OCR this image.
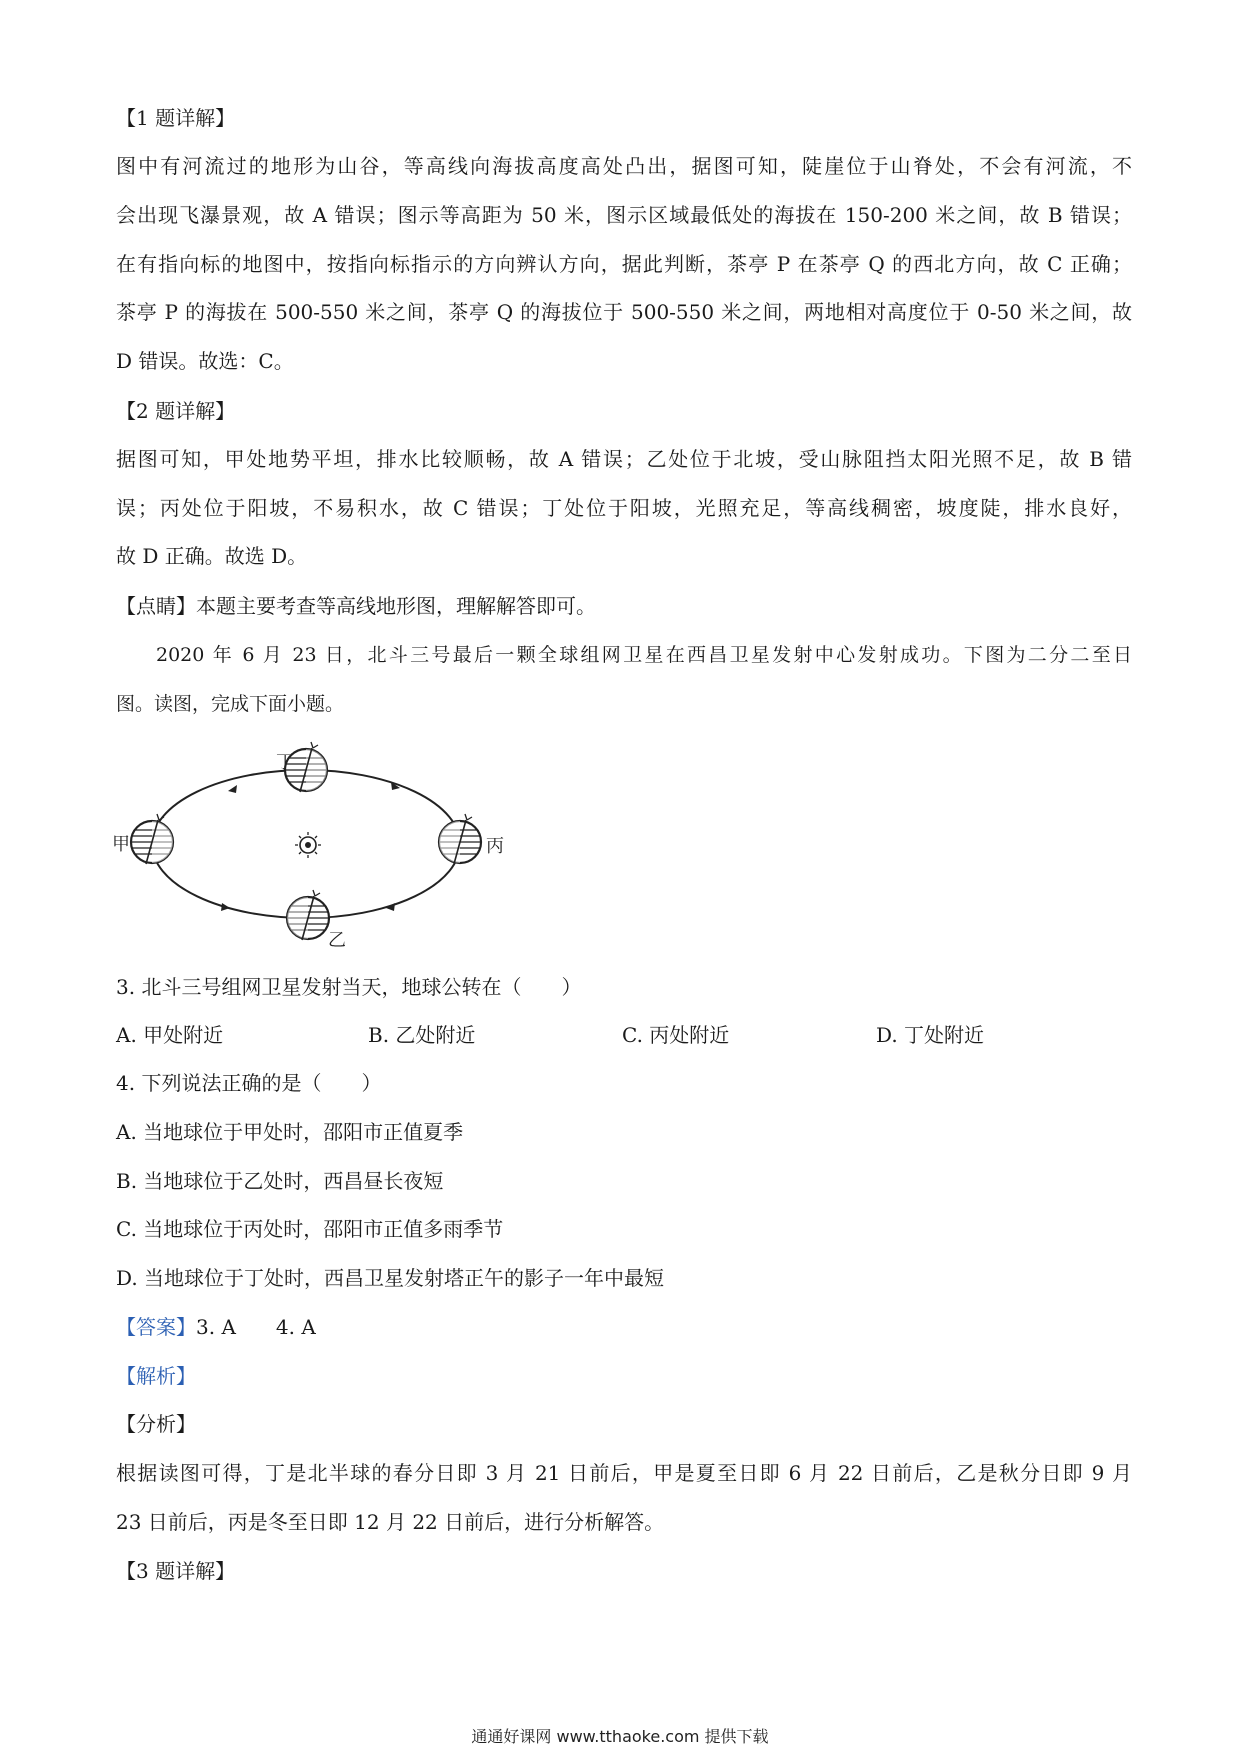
【1 题详解】
图中有河流过的地形为山谷，等高线向海拔高度高处凸出，据图可知，陡崖位于山脊处，不会有河流，不
会出现飞瀑景观，故 A 错误；图示等高距为 50 米，图示区域最低处的海拔在 150-200 米之间，故 B 错误；
在有指向标的地图中，按指向标指示的方向辨认方向，据此判断，茶亭 P 在茶亭 Q 的西北方向，故 C 正确；
茶亭 P 的海拔在 500-550 米之间，茶亭 Q 的海拔位于 500-550 米之间，两地相对高度位于 0-50 米之间，故
D 错误。故选：C。
【2 题详解】
据图可知，甲处地势平坦，排水比较顺畅，故 A 错误；乙处位于北坡，受山脉阻挡太阳光照不足，故 B 错
误；丙处位于阳坡，不易积水，故 C 错误；丁处位于阳坡，光照充足，等高线稠密，坡度陡，排水良好，
故 D 正确。故选 D。
【点睛】本题主要考查等高线地形图，理解解答即可。
2020 年 6 月 23 日，北斗三号最后一颗全球组网卫星在西昌卫星发射中心发射成功。下图为二分二至日
图。读图，完成下面小题。
丁
甲	丙
乙
3. 北斗三号组网卫星发射当天，地球公转在（　　）
A. 甲处附近	B. 乙处附近	C. 丙处附近	D. 丁处附近
4. 下列说法正确的是（　　）
A. 当地球位于甲处时，邵阳市正值夏季
B. 当地球位于乙处时，西昌昼长夜短
C. 当地球位于丙处时，邵阳市正值多雨季节
D. 当地球位于丁处时，西昌卫星发射塔正午的影子一年中最短
【答案】3. A　　4. A
【解析】
【分析】
根据读图可得，丁是北半球的春分日即 3 月 21 日前后，甲是夏至日即 6 月 22 日前后，乙是秋分日即 9 月
23 日前后，丙是冬至日即 12 月 22 日前后，进行分析解答。
【3 题详解】
通通好课网 www.tthaoke.com 提供下载
